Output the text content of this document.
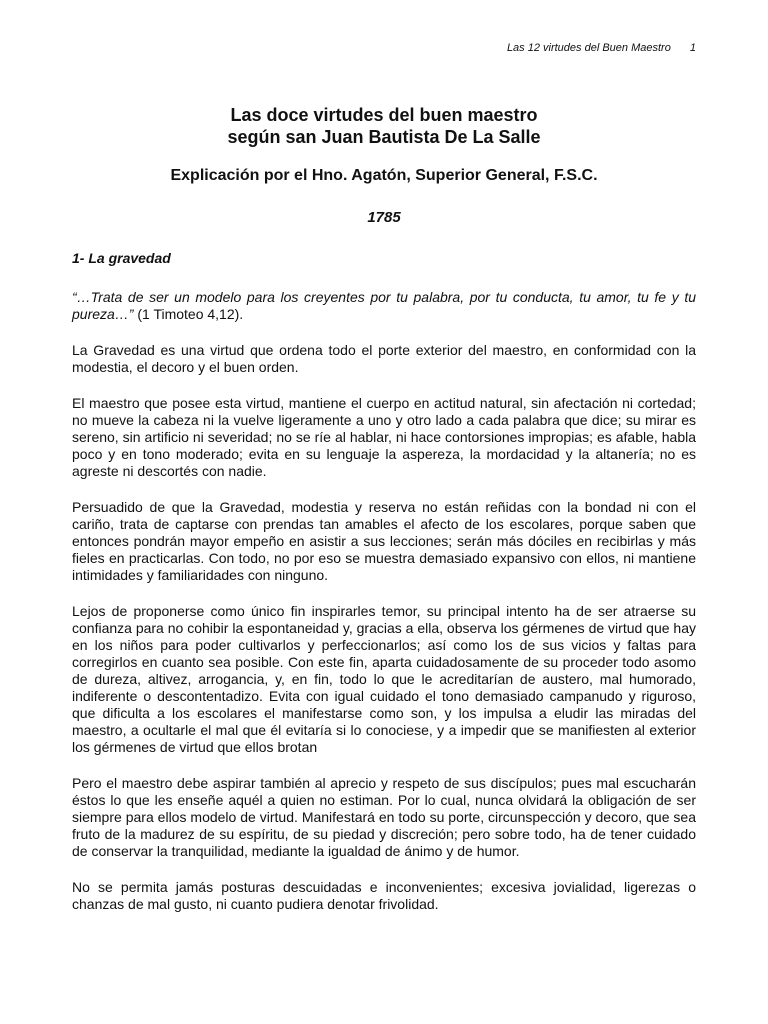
Las 12 virtudes del Buen Maestro 1

Las doce virtudes del buen maestro
según san Juan Bautista De La Salle

Explicación por el Hno. Agatón, Superior General, F.S.C.

1785

1- La gravedad

“…Trata de ser un modelo para los creyentes por tu palabra, por tu conducta, tu amor, tu fe y tu pureza…” (1 Timoteo 4,12).

La Gravedad es una virtud que ordena todo el porte exterior del maestro, en conformidad con la modestia, el decoro y el buen orden.

El maestro que posee esta virtud, mantiene el cuerpo en actitud natural, sin afectación ni cortedad; no mueve la cabeza ni la vuelve ligeramente a uno y otro lado a cada palabra que dice; su mirar es sereno, sin artificio ni severidad; no se ríe al hablar, ni hace contorsiones impropias; es afable, habla poco y en tono moderado; evita en su lenguaje la aspereza, la mordacidad y la altanería; no es agreste ni descortés con nadie.

Persuadido de que la Gravedad, modestia y reserva no están reñidas con la bondad ni con el cariño, trata de captarse con prendas tan amables el afecto de los escolares, porque saben que entonces pondrán mayor empeño en asistir a sus lecciones; serán más dóciles en recibirlas y más fieles en practicarlas. Con todo, no por eso se muestra demasiado expansivo con ellos, ni mantiene intimidades y familiaridades con ninguno.

Lejos de proponerse como único fin inspirarles temor, su principal intento ha de ser atraerse su confianza para no cohibir la espontaneidad y, gracias a ella, observa los gérmenes de virtud que hay en los niños para poder cultivarlos y perfeccionarlos; así como los de sus vicios y faltas para corregirlos en cuanto sea posible. Con este fin, aparta cuidadosamente de su proceder todo asomo de dureza, altivez, arrogancia, y, en fin, todo lo que le acreditarían de austero, mal humorado, indiferente o descontentadizo. Evita con igual cuidado el tono demasiado campanudo y riguroso, que dificulta a los escolares el manifestarse como son, y los impulsa a eludir las miradas del maestro, a ocultarle el mal que él evitaría si lo conociese, y a impedir que se manifiesten al exterior los gérmenes de virtud que ellos brotan

Pero el maestro debe aspirar también al aprecio y respeto de sus discípulos; pues mal escucharán éstos lo que les enseñe aquél a quien no estiman. Por lo cual, nunca olvidará la obligación de ser siempre para ellos modelo de virtud. Manifestará en todo su porte, circunspección y decoro, que sea fruto de la madurez de su espíritu, de su piedad y discreción; pero sobre todo, ha de tener cuidado de conservar la tranquilidad, mediante la igualdad de ánimo y de humor.

No se permita jamás posturas descuidadas e inconvenientes; excesiva jovialidad, ligerezas o chanzas de mal gusto, ni cuanto pudiera denotar frivolidad.
